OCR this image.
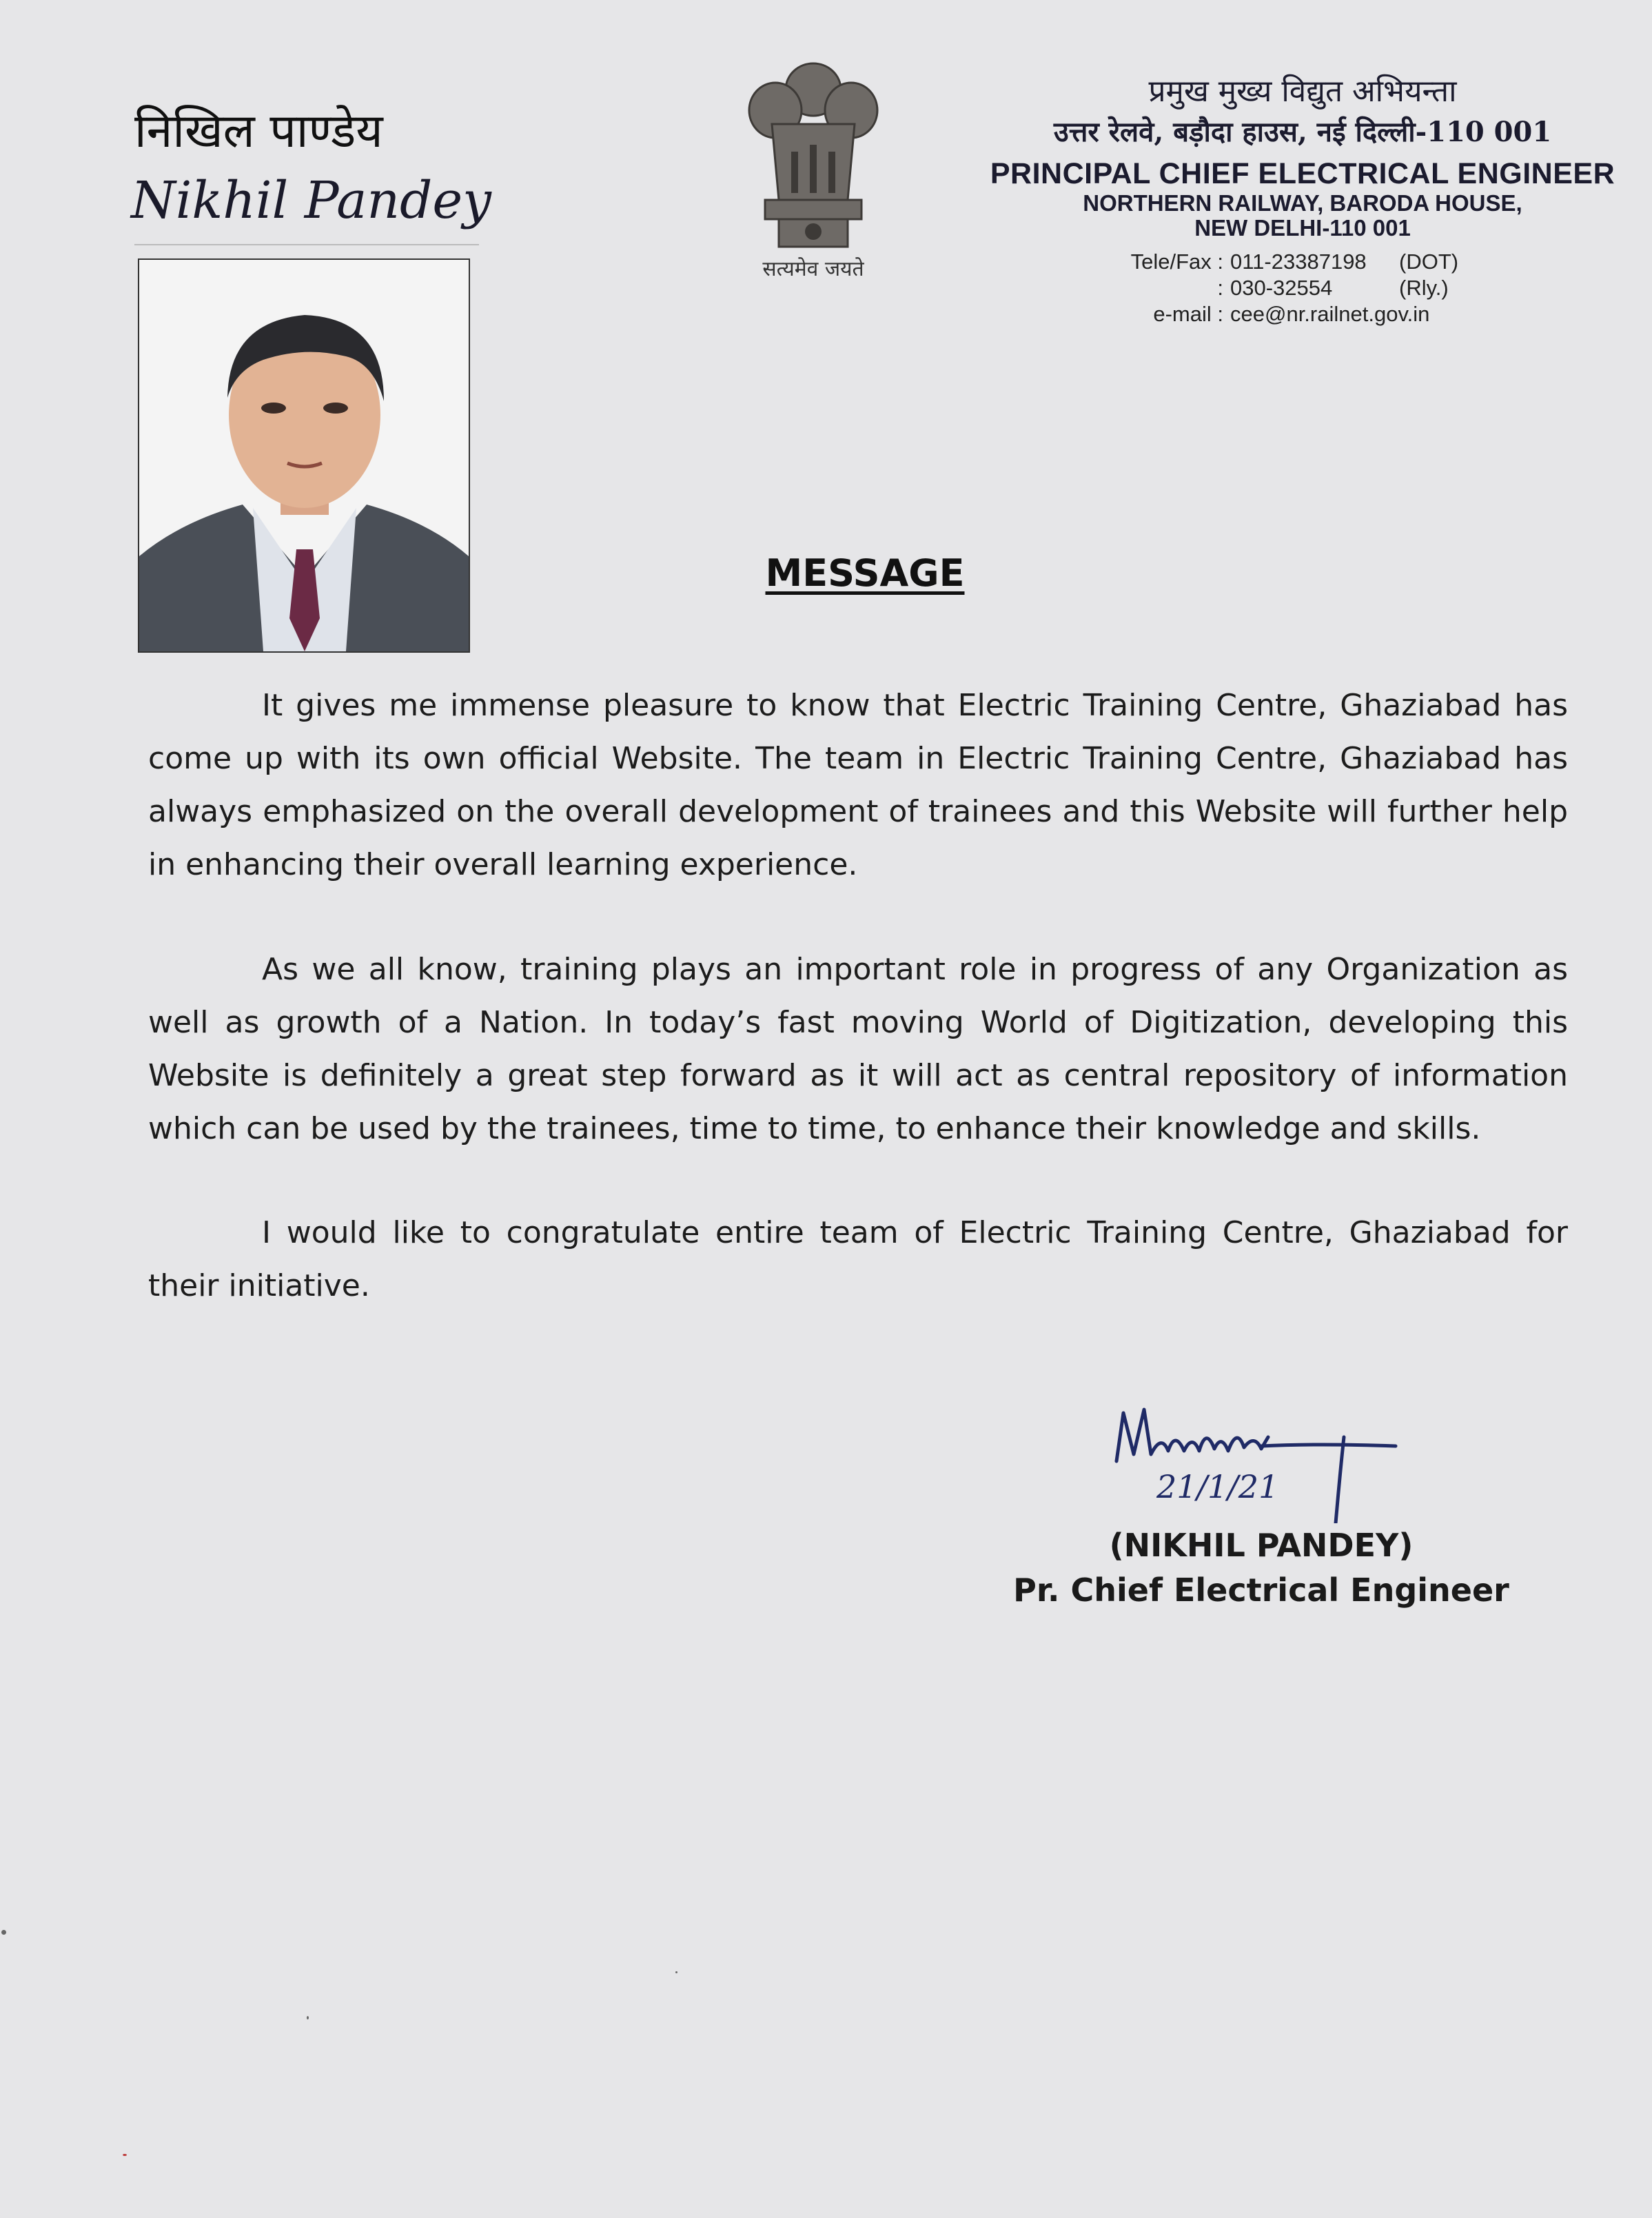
निखिल पाण्डेय
Nikhil Pandey
सत्यमेव जयते
प्रमुख मुख्य विद्युत अभियन्ता
उत्तर रेलवे, बड़ौदा हाउस, नई दिल्ली-110 001
PRINCIPAL CHIEF ELECTRICAL ENGINEER
NORTHERN RAILWAY, BARODA HOUSE,
NEW DELHI-110 001
Tele/Fax : 011-23387198 (DOT)
: 030-32554	(Rly.)
e-mail : cee@nr.railnet.gov.in
MESSAGE

It gives me immense pleasure to know that Electric Training Centre, Ghaziabad has come up with its own official Website. The team in Electric Training Centre, Ghaziabad has always emphasized on the overall development of trainees and this Website will further help in enhancing their overall learning experience.

As we all know, training plays an important role in progress of any Organization as well as growth of a Nation. In today’s fast moving World of Digitization, developing this Website is definitely a great step forward as it will act as central repository of information which can be used by the trainees, time to time, to enhance their knowledge and skills.

I would like to congratulate entire team of Electric Training Centre, Ghaziabad for their initiative.

21/1/21
(NIKHIL PANDEY)
Pr. Chief Electrical Engineer
